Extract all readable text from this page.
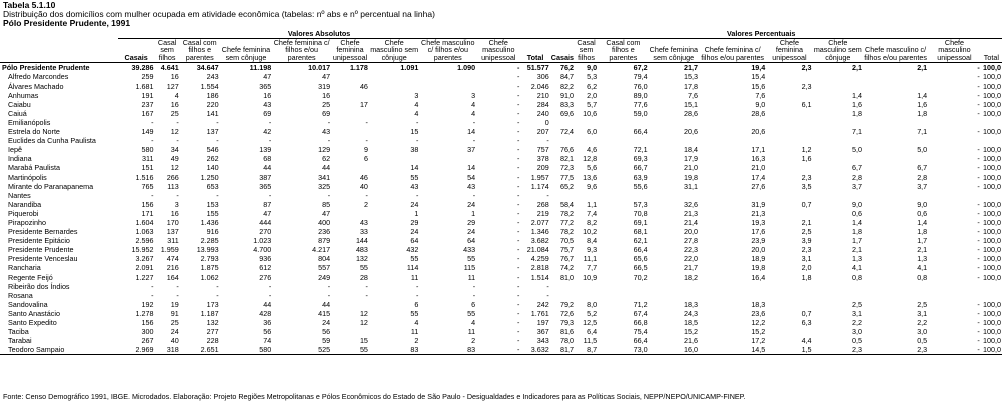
Tabela 5.1.10
Distribuição dos domicílios com mulher ocupada em atividade econômica (tabelas: nº abs e nº percentual na linha)
Pólo Presidente Prudente, 1991
	Valores Absolutos									Valores Percentuais										
	Casais	Casal sem filhos	Casal com filhos e parentes	Chefe feminina sem cônjuge	Chefe feminina c/ filhos e/ou parentes	Chefe feminina unipessoal	Chefe masculino sem cônjuge	Chefe masculino c/ filhos e/ou parentes	Chefe masculino unipessoal	Total	Casais	Casal sem filhos	Casal com filhos e parentes	Chefe feminina sem cônjuge	Chefe feminina c/ filhos e/ou parentes	Chefe feminina unipessoal	Chefe masculino sem cônjuge	Chefe masculino c/ filhos e/ou parentes	Chefe masculino unipessoal	Total
Pólo Presidente Prudente	39.286	4.641	34.647	11.198	10.017	1.178	1.091	1.090	-	51.577	76,2	9,0	67,2	21,7	19,4	2,3	2,1	2,1	-	100,0
Alfredo Marcondes	259	16	243	47	47				-	306	84,7	5,3	79,4	15,3	15,4				-	100,0
Álvares Machado	1.681	127	1.554	365	319	46			-	2.046	82,2	6,2	76,0	17,8	15,6	2,3			-	100,0
Anhumas	191	4	186	16	16		3	3	-	210	91,0	2,0	89,0	7,6	7,6		1,4	1,4	-	100,0
Caiabu	237	16	220	43	25	17	4	4	-	284	83,3	5,7	77,6	15,1	9,0	6,1	1,6	1,6	-	100,0
Caiuá	167	25	141	69	69		4	4	-	240	69,6	10,6	59,0	28,6	28,6		1,8	1,8	-	100,0
Emilianópolis	-	-	-	-	-	-	-	-	-	0										
Estrela do Norte	149	12	137	42	43		15	14	-	207	72,4	6,0	66,4	20,6	20,6		7,1	7,1	-	100,0
Euclides da Cunha Paulista	-	-	-	-	-	-	-	-	-	-										
Iepê	580	34	546	139	129	9	38	37	-	757	76,6	4,6	72,1	18,4	17,1	1,2	5,0	5,0	-	100,0
Indiana	311	49	262	68	62	6			-	378	82,1	12,8	69,3	17,9	16,3	1,6			-	100,0
Marabá Paulista	151	12	140	44	44		14	14	-	209	72,3	5,6	66,7	21,0	21,0		6,7	6,7	-	100,0
Martinópolis	1.516	266	1.250	387	341	46	55	54	-	1.957	77,5	13,6	63,9	19,8	17,4	2,3	2,8	2,8	-	100,0
Mirante do Paranapanema	765	113	653	365	325	40	43	43	-	1.174	65,2	9,6	55,6	31,1	27,6	3,5	3,7	3,7	-	100,0
Nantes	-	-	-	-	-	-	-	-	-	-										
Narandiba	156	3	153	87	85	2	24	24	-	268	58,4	1,1	57,3	32,6	31,9	0,7	9,0	9,0	-	100,0
Piquerobi	171	16	155	47	47		1	1	-	219	78,2	7,4	70,8	21,3	21,3		0,6	0,6	-	100,0
Pirapozinho	1.604	170	1.436	444	400	43	29	29	-	2.077	77,2	8,2	69,1	21,4	19,3	2,1	1,4	1,4	-	100,0
Presidente Bernardes	1.063	137	916	270	236	33	24	24	-	1.346	78,2	10,2	68,1	20,0	17,6	2,5	1,8	1,8	-	100,0
Presidente Epitácio	2.596	311	2.285	1.023	879	144	64	64	-	3.682	70,5	8,4	62,1	27,8	23,9	3,9	1,7	1,7	-	100,0
Presidente Prudente	15.952	1.959	13.993	4.700	4.217	483	432	433	-	21.084	75,7	9,3	66,4	22,3	20,0	2,3	2,1	2,1	-	100,0
Presidente Venceslau	3.267	474	2.793	936	804	132	55	55	-	4.259	76,7	11,1	65,6	22,0	18,9	3,1	1,3	1,3	-	100,0
Rancharia	2.091	216	1.875	612	557	55	114	115	-	2.818	74,2	7,7	66,5	21,7	19,8	2,0	4,1	4,1	-	100,0
Regente Feijó	1.227	164	1.062	276	249	28	11	11	-	1.514	81,0	10,9	70,2	18,2	16,4	1,8	0,8	0,8	-	100,0
Ribeirão dos Índios	-	-	-	-	-	-	-	-	-	-										
Rosana	-	-	-	-	-	-	-	-	-	-										
Sandovalina	192	19	173	44	44		6	6	-	242	79,2	8,0	71,2	18,3	18,3		2,5	2,5	-	100,0
Santo Anastácio	1.278	91	1.187	428	415	12	55	55	-	1.761	72,6	5,2	67,4	24,3	23,6	0,7	3,1	3,1	-	100,0
Santo Expedito	156	25	132	36	24	12	4	4	-	197	79,3	12,5	66,8	18,5	12,2	6,3	2,2	2,2	-	100,0
Taciba	300	24	277	56	56		11	11	-	367	81,6	6,4	75,4	15,2	15,2		3,0	3,0	-	100,0
Tarabai	267	40	228	74	59	15	2	2	-	343	78,0	11,5	66,4	21,6	17,2	4,4	0,5	0,5	-	100,0
Teodoro Sampaio	2.969	318	2.651	580	525	55	83	83	-	3.632	81,7	8,7	73,0	16,0	14,5	1,5	2,3	2,3	-	100,0
Fonte: Censo Demográfico 1991, IBGE. Microdados. Elaboração: Projeto Regiões Metropolitanas e Pólos Econômicos do Estado de São Paulo - Desigualdades e Indicadores para as Políticas Sociais, NEPP/NEPO/UNICAMP-FINEP.
